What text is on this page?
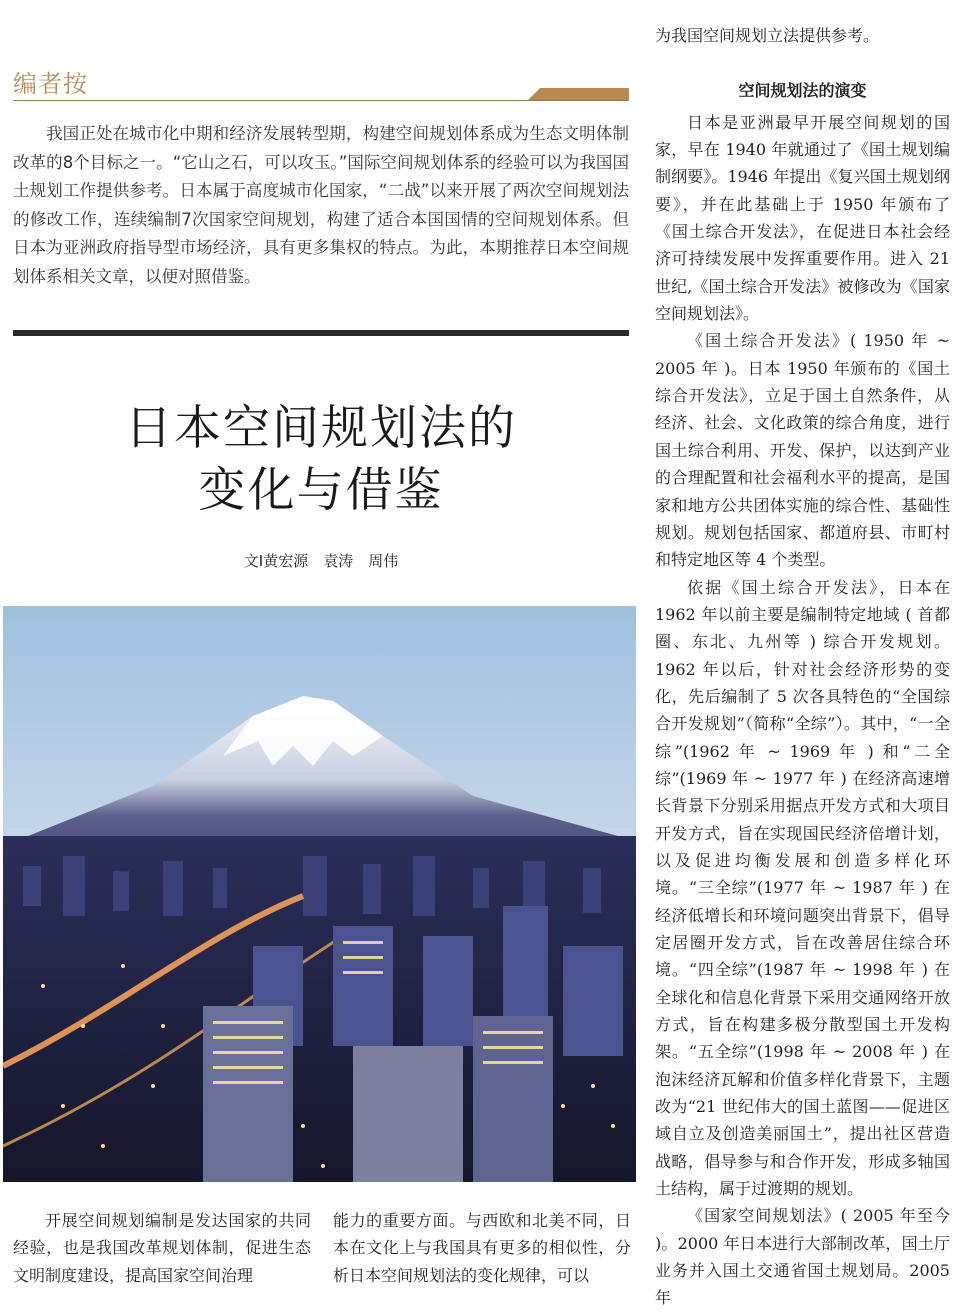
编者按

我国正处在城市化中期和经济发展转型期，构建空间规划体系成为生态文明体制改革的8个目标之一。“它山之石，可以攻玉。”国际空间规划体系的经验可以为我国国土规划工作提供参考。日本属于高度城市化国家，“二战”以来开展了两次空间规划法的修改工作，连续编制7次国家空间规划，构建了适合本国国情的空间规划体系。但日本为亚洲政府指导型市场经济，具有更多集权的特点。为此，本期推荐日本空间规划体系相关文章，以便对照借鉴。

日本空间规划法的
变化与借鉴
文Ⅰ黄宏源　袁涛　周伟

开展空间规划编制是发达国家的共同经验，也是我国改革规划体制，促进生态文明制度建设，提高国家空间治理

能力的重要方面。与西欧和北美不同，日本在文化上与我国具有更多的相似性，分析日本空间规划法的变化规律，可以

为我国空间规划立法提供参考。

空间规划法的演变

日本是亚洲最早开展空间规划的国家，早在 1940 年就通过了《国土规划编制纲要》。1946 年提出《复兴国土规划纲要》，并在此基础上于 1950 年颁布了《国土综合开发法》，在促进日本社会经济可持续发展中发挥重要作用。进入 21 世纪,《国土综合开发法》被修改为《国家空间规划法》。

《国土综合开发法》( 1950 年 ~ 2005 年 )。日本 1950 年颁布的《国土综合开发法》，立足于国土自然条件，从经济、社会、文化政策的综合角度，进行国土综合利用、开发、保护，以达到产业的合理配置和社会福利水平的提高，是国家和地方公共团体实施的综合性、基础性规划。规划包括国家、都道府县、市町村和特定地区等 4 个类型。

依据《国土综合开发法》，日本在 1962 年以前主要是编制特定地域 ( 首都圈、东北、九州等 ) 综合开发规划。1962 年以后，针对社会经济形势的变化，先后编制了 5 次各具特色的“全国综合开发规划”（简称“全综”）。其中，“一全综”(1962 年 ~ 1969 年 ) 和“二全综”(1969 年 ~ 1977 年 ) 在经济高速增长背景下分别采用据点开发方式和大项目开发方式，旨在实现国民经济倍增计划，以及促进均衡发展和创造多样化环境。“三全综”(1977 年 ~ 1987 年 ) 在经济低增长和环境问题突出背景下，倡导定居圈开发方式，旨在改善居住综合环境。“四全综”(1987 年 ~ 1998 年 ) 在全球化和信息化背景下采用交通网络开放方式，旨在构建多极分散型国土开发构架。“五全综”(1998 年 ~ 2008 年 ) 在泡沫经济瓦解和价值多样化背景下，主题改为“21 世纪伟大的国土蓝图——促进区域自立及创造美丽国土”，提出社区营造战略，倡导参与和合作开发，形成多轴国土结构，属于过渡期的规划。

《国家空间规划法》( 2005 年至今 )。2000 年日本进行大部制改革，国土厅业务并入国土交通省国土规划局。2005 年
